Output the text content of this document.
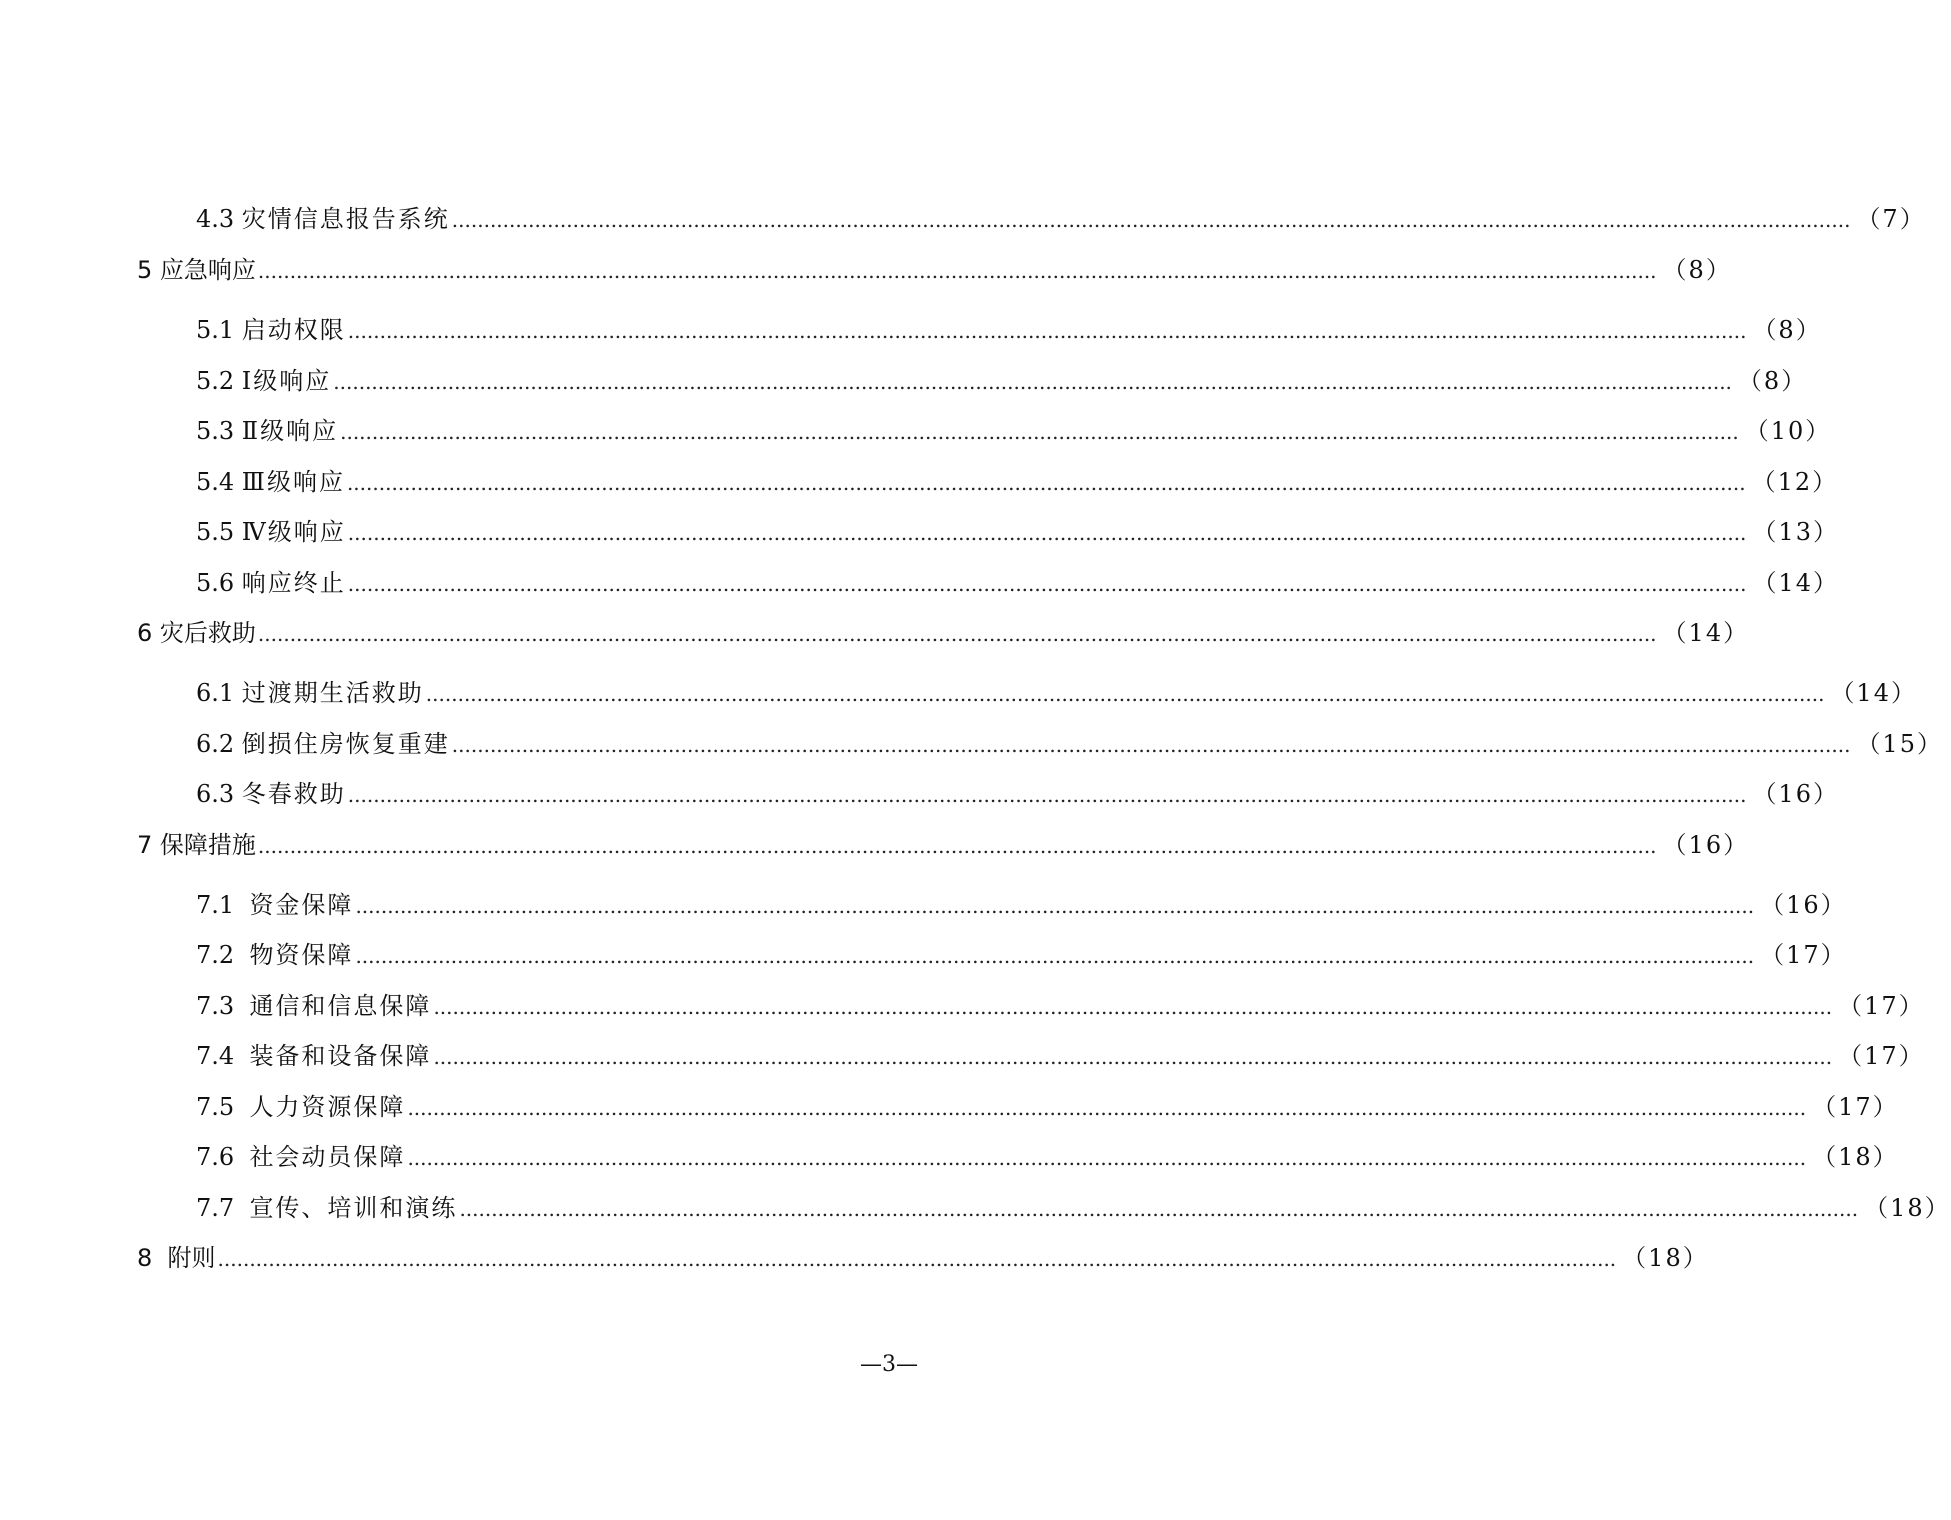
4.3 灾情信息报告系统 ............................................................................................................................................................................................................................ （7）
5 应急响应 ............................................................................................................................................................................................................................ （8）
5.1 启动权限 ............................................................................................................................................................................................................................ （8）
5.2 Ⅰ级响应 ............................................................................................................................................................................................................................ （8）
5.3 Ⅱ级响应 ............................................................................................................................................................................................................................ （10）
5.4 Ⅲ级响应 ............................................................................................................................................................................................................................ （12）
5.5 Ⅳ级响应 ............................................................................................................................................................................................................................ （13）
5.6 响应终止 ............................................................................................................................................................................................................................ （14）
6 灾后救助 ............................................................................................................................................................................................................................ （14）
6.1 过渡期生活救助 ............................................................................................................................................................................................................................ （14）
6.2 倒损住房恢复重建 ............................................................................................................................................................................................................................ （15）
6.3 冬春救助 ............................................................................................................................................................................................................................ （16）
7 保障措施 ............................................................................................................................................................................................................................ （16）
7.1 资金保障 ............................................................................................................................................................................................................................ （16）
7.2 物资保障 ............................................................................................................................................................................................................................ （17）
7.3 通信和信息保障 ............................................................................................................................................................................................................................ （17）
7.4 装备和设备保障 ............................................................................................................................................................................................................................ （17）
7.5 人力资源保障 ............................................................................................................................................................................................................................ （17）
7.6 社会动员保障 ............................................................................................................................................................................................................................ （18）
7.7 宣传、培训和演练 ............................................................................................................................................................................................................................ （18）
8 附则 ............................................................................................................................................................................................................................ （18）
—3—
